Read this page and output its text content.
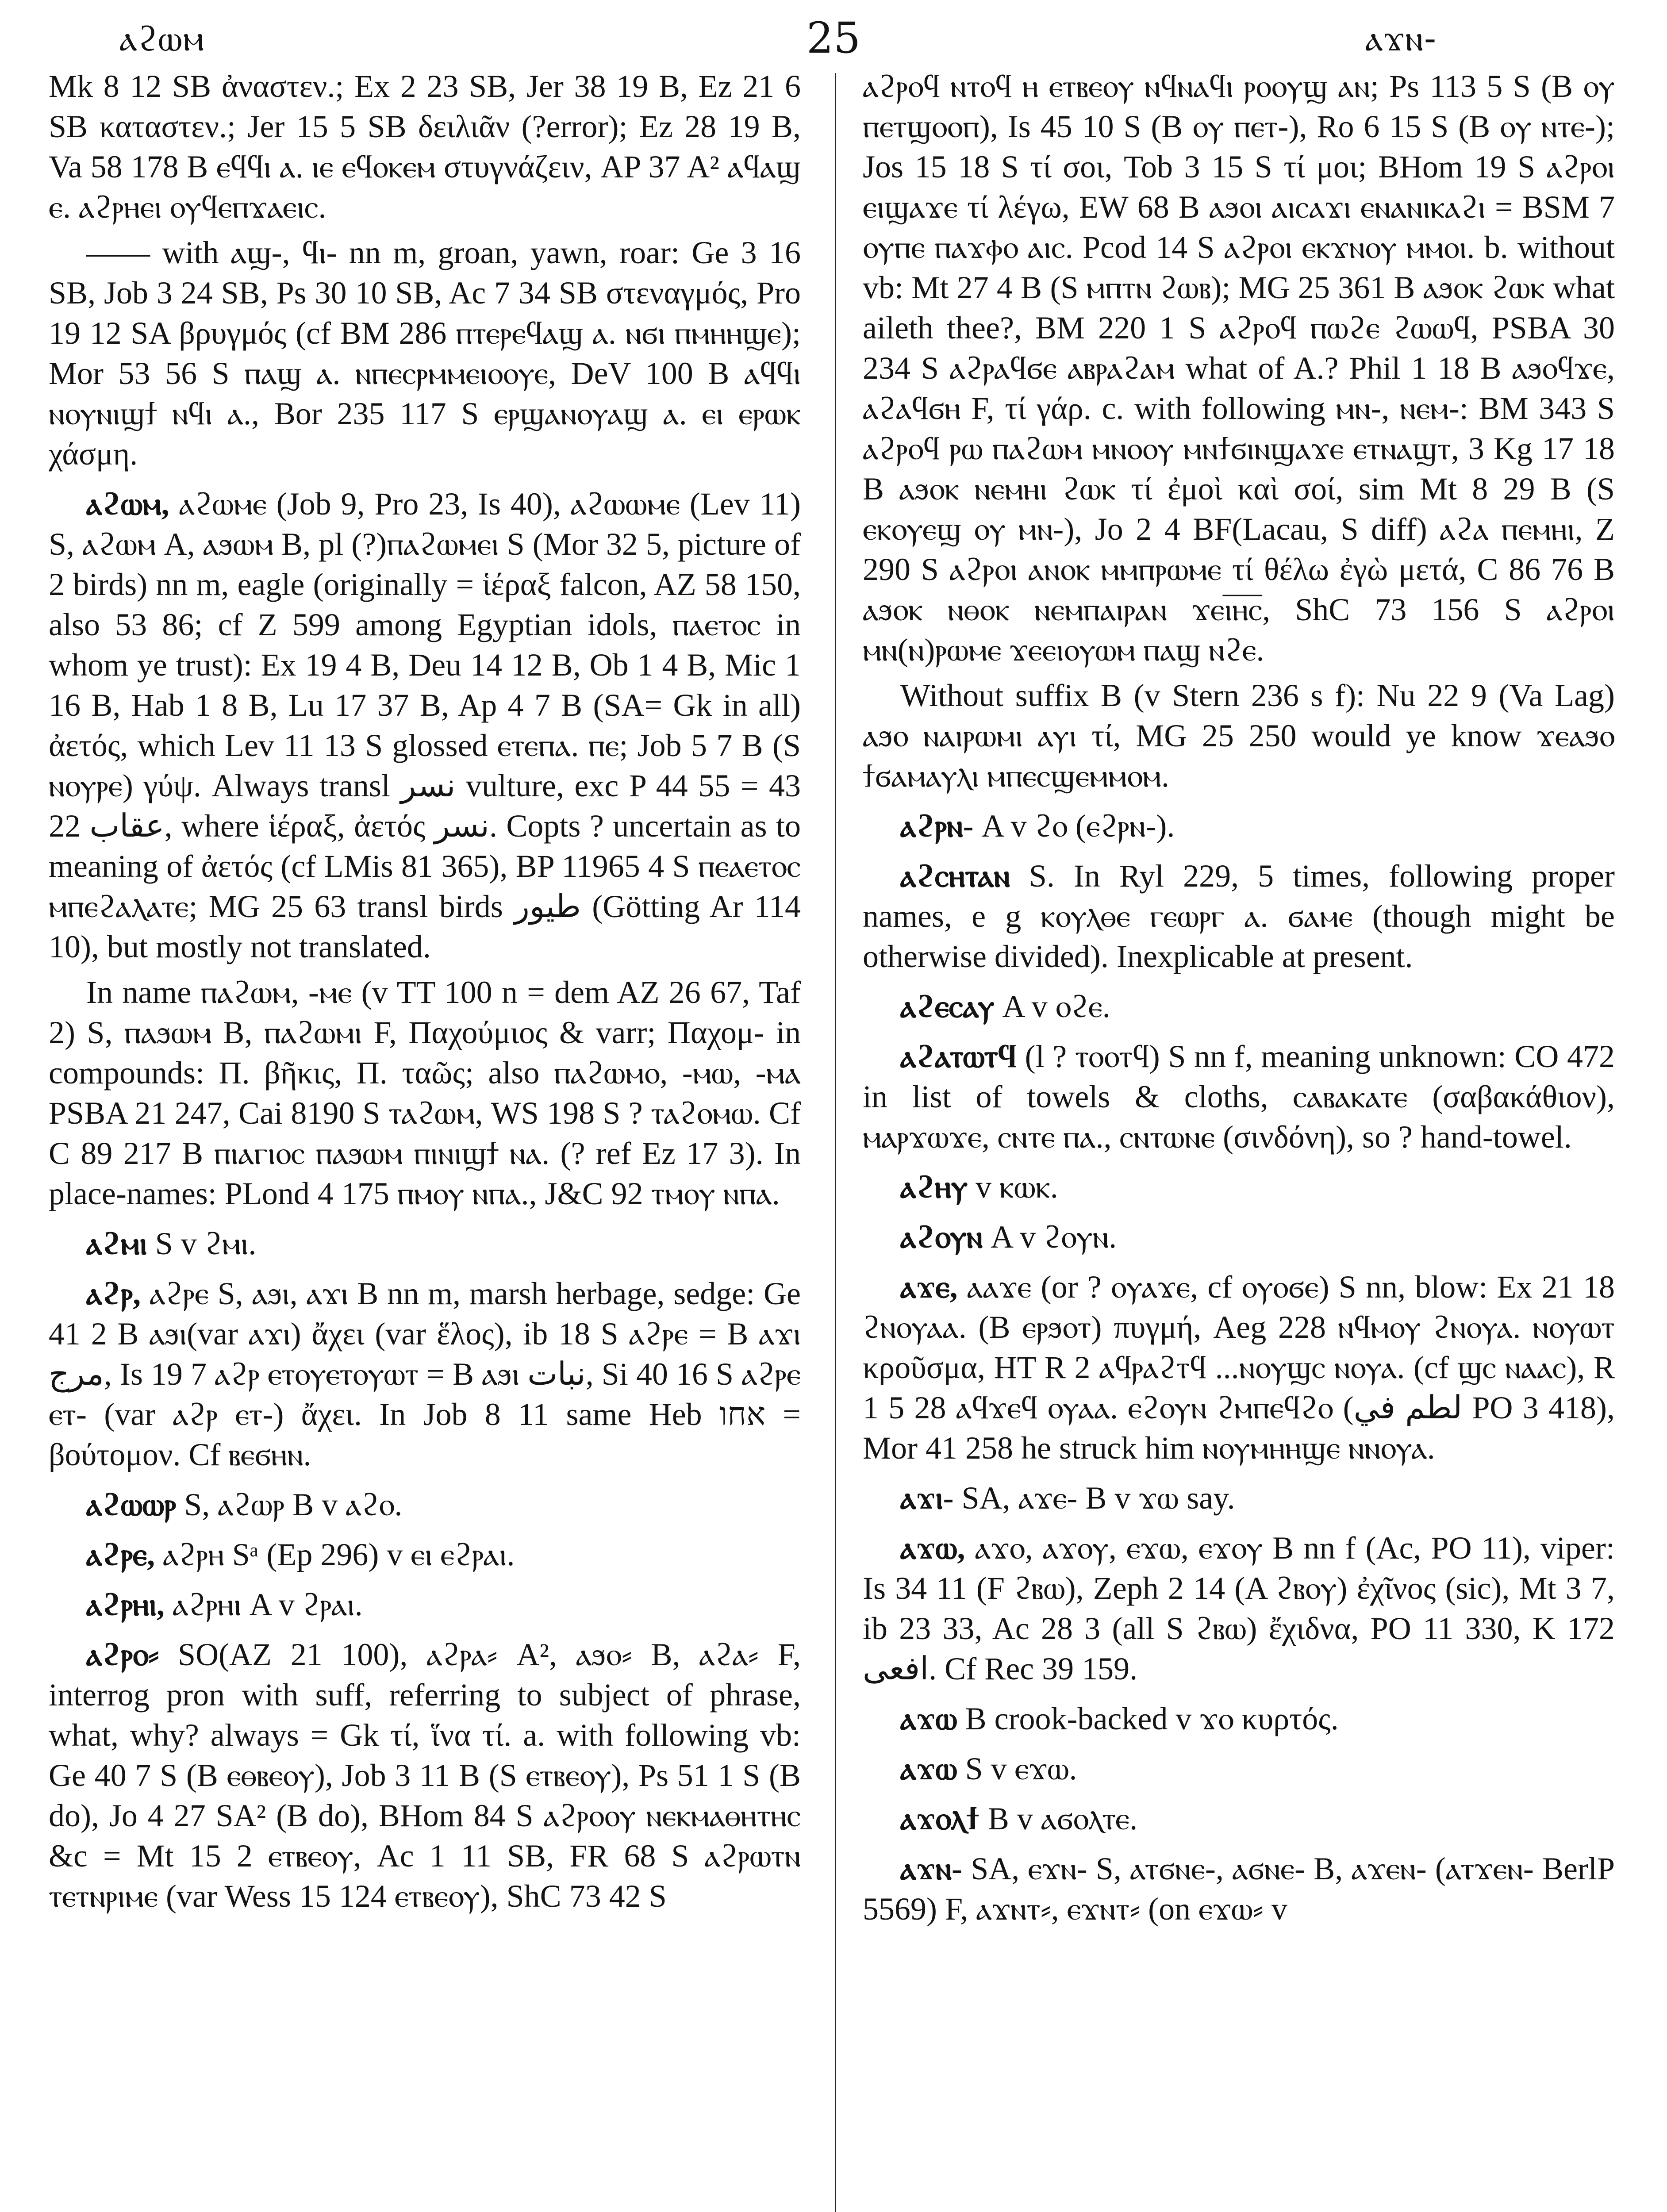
ⲁϩⲱⲙ	25	ⲁϫⲛ-

Mk 8 12 SB ἀναστεν.; Ex 2 23 SB, Jer 38 19 B, Ez 21 6 SB καταστεν.; Jer 15 5 SB δειλιᾶν (?error); Ez 28 19 B, Va 58 178 B ⲉϥϥⲓ ⲁ. ⲓⲉ ⲉϥⲟⲕⲉⲙ στυγνάζειν, AP 37 A² ⲁϥⲁϣ ⲉ. ⲁϩⲣⲏⲉⲓ ⲟⲩϥⲉⲡϫⲁⲉⲓⲥ.

—— with ⲁϣ-, ϥⲓ- nn m, groan, yawn, roar: Ge 3 16 SB, Job 3 24 SB, Ps 30 10 SB, Ac 7 34 SB στεναγμός, Pro 19 12 SA βρυγμός (cf BM 286 ⲡⲧⲉⲣⲉϥⲁϣ ⲁ. ⲛϭⲓ ⲡⲙⲏⲏϣⲉ); Mor 53 56 S ⲡⲁϣ ⲁ. ⲛⲡⲉⲥⲣⲙⲙⲉⲓⲟⲟⲩⲉ, DeV 100 B ⲁϥϥⲓ ⲛⲟⲩⲛⲓϣϯ ⲛϥⲓ ⲁ., Bor 235 117 S ⲉⲣϣⲁⲛⲟⲩⲁϣ ⲁ. ⲉⲓ ⲉⲣⲱⲕ χάσμη.

ⲁϩⲱⲙ, ⲁϩⲱⲙⲉ (Job 9, Pro 23, Is 40), ⲁϩⲱⲱⲙⲉ (Lev 11) S, ⲁϩⲱⲙ A, ⲁϧⲱⲙ B, pl (?)ⲡⲁϩⲱⲙⲉⲓ S (Mor 32 5, picture of 2 birds) nn m, eagle (originally = ἱέραξ falcon, AZ 58 150, also 53 86; cf Z 599 among Egyptian idols, ⲡⲁⲉⲧⲟⲥ in whom ye trust): Ex 19 4 B, Deu 14 12 B, Ob 1 4 B, Mic 1 16 B, Hab 1 8 B, Lu 17 37 B, Ap 4 7 B (SA= Gk in all) ἀετός, which Lev 11 13 S glossed ⲉⲧⲉⲡⲁ. ⲡⲉ; Job 5 7 B (S ⲛⲟⲩⲣⲉ) γύψ. Always transl نسر vulture, exc P 44 55 = 43 22 عقاب, where ἱέραξ, ἀετός نسر. Copts ? uncertain as to meaning of ἀετός (cf LMis 81 365), BP 11965 4 S ⲡⲉⲁⲉⲧⲟⲥ ⲙⲡⲉϩⲁⲗⲁⲧⲉ; MG 25 63 transl birds طيور (Götting Ar 114 10), but mostly not translated.

In name ⲡⲁϩⲱⲙ, -ⲙⲉ (v TT 100 n = dem AZ 26 67, Taf 2) S, ⲡⲁϧⲱⲙ B, ⲡⲁϩⲱⲙⲓ F, Παχούμιος & varr; Παχομ- in compounds: Π. βῆκις, Π. ταῶς; also ⲡⲁϩⲱⲙⲟ, -ⲙⲱ, -ⲙⲁ PSBA 21 247, Cai 8190 S ⲧⲁϩⲱⲙ, WS 198 S ? ⲧⲁϩⲟⲙⲱ. Cf C 89 217 B ⲡⲓⲁⲅⲓⲟⲥ ⲡⲁϧⲱⲙ ⲡⲓⲛⲓϣϯ ⲛⲁ. (? ref Ez 17 3). In place-names: PLond 4 175 ⲡⲙⲟⲩ ⲛⲡⲁ., J&C 92 ⲧⲙⲟⲩ ⲛⲡⲁ.

ⲁϩⲙⲓ S v ϩⲙⲓ.

ⲁϩⲣ, ⲁϩⲣⲉ S, ⲁϧⲓ, ⲁϫⲓ B nn m, marsh herbage, sedge: Ge 41 2 B ⲁϧⲓ(var ⲁϫⲓ) ἄχει (var ἕλος), ib 18 S ⲁϩⲣⲉ = B ⲁϫⲓ مرج, Is 19 7 ⲁϩⲣ ⲉⲧⲟⲩⲉⲧⲟⲩⲱⲧ = B ⲁϧⲓ نبات, Si 40 16 S ⲁϩⲣⲉ ⲉⲧ- (var ⲁϩⲣ ⲉⲧ-) ἄχει. In Job 8 11 same Heb אחו = βούτομον. Cf ⲃⲉϭⲏⲛ.

ⲁϩⲱⲱⲣ S, ⲁϩⲱⲣ B v ⲁϩⲟ.

ⲁϩⲣⲉ, ⲁϩⲣⲏ Sᵃ (Ep 296) v ⲉⲓ ⲉϩⲣⲁⲓ.

ⲁϩⲣⲏⲓ, ⲁϩⲣⲏⲓ A v ϩⲣⲁⲓ.

ⲁϩⲣⲟ⸗ SO(AZ 21 100), ⲁϩⲣⲁ⸗ A², ⲁϧⲟ⸗ B, ⲁϩⲁ⸗ F, interrog pron with suff, referring to subject of phrase, what, why? always = Gk τί, ἵνα τί. a. with following vb: Ge 40 7 S (B ⲉⲑⲃⲉⲟⲩ), Job 3 11 B (S ⲉⲧⲃⲉⲟⲩ), Ps 51 1 S (B do), Jo 4 27 SA² (B do), BHom 84 S ⲁϩⲣⲟⲟⲩ ⲛⲉⲕⲙⲁⲑⲏⲧⲏⲥ &c = Mt 15 2 ⲉⲧⲃⲉⲟⲩ, Ac 1 11 SB, FR 68 S ⲁϩⲣⲱⲧⲛ ⲧⲉⲧⲛⲣⲓⲙⲉ (var Wess 15 124 ⲉⲧⲃⲉⲟⲩ), ShC 73 42 S

ⲁϩⲣⲟϥ ⲛⲧⲟϥ ⲏ ⲉⲧⲃⲉⲟⲩ ⲛϥⲛⲁϥⲓ ⲣⲟⲟⲩϣ ⲁⲛ; Ps 113 5 S (B ⲟⲩ ⲡⲉⲧϣⲟⲟⲡ), Is 45 10 S (B ⲟⲩ ⲡⲉⲧ-), Ro 6 15 S (B ⲟⲩ ⲛⲧⲉ-); Jos 15 18 S τί σοι, Tob 3 15 S τί μοι; BHom 19 S ⲁϩⲣⲟⲓ ⲉⲓϣⲁϫⲉ τί λέγω, EW 68 B ⲁϧⲟⲓ ⲁⲓⲥⲁϫⲓ ⲉⲛⲁⲛⲓⲕⲁϩⲓ = BSM 7 ⲟⲩⲡⲉ ⲡⲁϫⲫⲟ ⲁⲓⲥ. Pcod 14 S ⲁϩⲣⲟⲓ ⲉⲕϫⲛⲟⲩ ⲙⲙⲟⲓ. b. without vb: Mt 27 4 B (S ⲙⲡⲧⲛ ϩⲱⲃ); MG 25 361 B ⲁϧⲟⲕ ϩⲱⲕ what aileth thee?, BM 220 1 S ⲁϩⲣⲟϥ ⲡⲱϩⲉ ϩⲱⲱϥ, PSBA 30 234 S ⲁϩⲣⲁϥϭⲉ ⲁⲃⲣⲁϩⲁⲙ what of A.? Phil 1 18 B ⲁϧⲟϥϫⲉ, ⲁϩⲁϥϭⲏ F, τί γάρ. c. with following ⲙⲛ-, ⲛⲉⲙ-: BM 343 S ⲁϩⲣⲟϥ ⲣⲱ ⲡⲁϩⲱⲙ ⲙⲛⲟⲟⲩ ⲙⲛϯϭⲓⲛϣⲁϫⲉ ⲉⲧⲛⲁϣⲧ, 3 Kg 17 18 B ⲁϧⲟⲕ ⲛⲉⲙⲏⲓ ϩⲱⲕ τί ἐμοὶ καὶ σοί, sim Mt 8 29 B (S ⲉⲕⲟⲩⲉϣ ⲟⲩ ⲙⲛ-), Jo 2 4 BF(Lacau, S diff) ⲁϩⲁ ⲡⲉⲙⲏⲓ, Z 290 S ⲁϩⲣⲟⲓ ⲁⲛⲟⲕ ⲙⲙⲡⲣⲱⲙⲉ τί θέλω ἐγὼ μετά, C 86 76 B ⲁϧⲟⲕ ⲛⲑⲟⲕ ⲛⲉⲙⲡⲁⲓⲣⲁⲛ ϫⲉⲓ̅ⲏ̅ⲥ̅, ShC 73 156 S ⲁϩⲣⲟⲓ ⲙⲛ(ⲛ)ⲣⲱⲙⲉ ϫⲉⲉⲓⲟⲩⲱⲙ ⲡⲁϣ ⲛϩⲉ.

Without suffix B (v Stern 236 s f): Nu 22 9 (Va Lag) ⲁϧⲟ ⲛⲁⲓⲣⲱⲙⲓ ⲁⲩⲓ τί, MG 25 250 would ye know ϫⲉⲁϧⲟ ϯϭⲁⲙⲁⲩⲗⲓ ⲙⲡⲉⲥϣⲉⲙⲙⲟⲙ.

ⲁϩⲣⲛ- A v ϩⲟ (ⲉϩⲣⲛ-).

ⲁϩⲥⲏⲧⲁⲛ S. In Ryl 229, 5 times, following proper names, e g ⲕⲟⲩⲗⲑⲉ ⲅⲉⲱⲣⲅ ⲁ. ϭⲁⲙⲉ (though might be otherwise divided). Inexplicable at present.

ⲁϩⲉⲥⲁⲩ A v ⲟϩⲉ.

ⲁϩⲁⲧⲱⲧϥ (l ? ⲧⲟⲟⲧϥ) S nn f, meaning unknown: CO 472 in list of towels & cloths, ⲥⲁⲃⲁⲕⲁⲧⲉ (σαβακάθιον), ⲙⲁⲣϫⲱϫⲉ, ⲥⲛⲧⲉ ⲡⲁ., ⲥⲛⲧⲱⲛⲉ (σινδόνη), so ? hand-towel.

ⲁϩⲏⲩ v ⲕⲱⲕ.

ⲁϩⲟⲩⲛ A v ϩⲟⲩⲛ.

ⲁϫⲉ, ⲁⲁϫⲉ (or ? ⲟⲩⲁϫⲉ, cf ⲟⲩⲟϭⲉ) S nn, blow: Ex 21 18 ϩⲛⲟⲩⲁⲁ. (B ⲉⲣϧⲟⲧ) πυγμή, Aeg 228 ⲛϥⲙⲟⲩ ϩⲛⲟⲩⲁ. ⲛⲟⲩⲱⲧ κροῦσμα, HT R 2 ⲁϥⲣⲁϩⲧϥ ...ⲛⲟⲩϣⲥ ⲛⲟⲩⲁ. (cf ϣⲥ ⲛⲁⲁⲥ), R 1 5 28 ⲁϥϫⲉϥ ⲟⲩⲁⲁ. ⲉϩⲟⲩⲛ ϩⲙⲡⲉϥϩⲟ (لطم في PO 3 418), Mor 41 258 he struck him ⲛⲟⲩⲙⲏⲏϣⲉ ⲛⲛⲟⲩⲁ.

ⲁϫⲓ- SA, ⲁϫⲉ- B v ϫⲱ say.

ⲁϫⲱ, ⲁϫⲟ, ⲁϫⲟⲩ, ⲉϫⲱ, ⲉϫⲟⲩ B nn f (Ac, PO 11), viper: Is 34 11 (F ϩⲃⲱ), Zeph 2 14 (A ϩⲃⲟⲩ) ἐχῖνος (sic), Mt 3 7, ib 23 33, Ac 28 3 (all S ϩⲃⲱ) ἔχιδνα, PO 11 330, K 172 افعى. Cf Rec 39 159.

ⲁϫⲱ B crook-backed v ϫⲟ κυρτός.

ⲁϫⲱ S v ⲉϫⲱ.

ⲁϫⲟⲗϯ B v ⲁϭⲟⲗⲧⲉ.

ⲁϫⲛ- SA, ⲉϫⲛ- S, ⲁⲧϭⲛⲉ-, ⲁϭⲛⲉ- B, ⲁϫⲉⲛ- (ⲁⲧϫⲉⲛ- BerlP 5569) F, ⲁϫⲛⲧ⸗, ⲉϫⲛⲧ⸗ (on ⲉϫⲱ⸗ v
